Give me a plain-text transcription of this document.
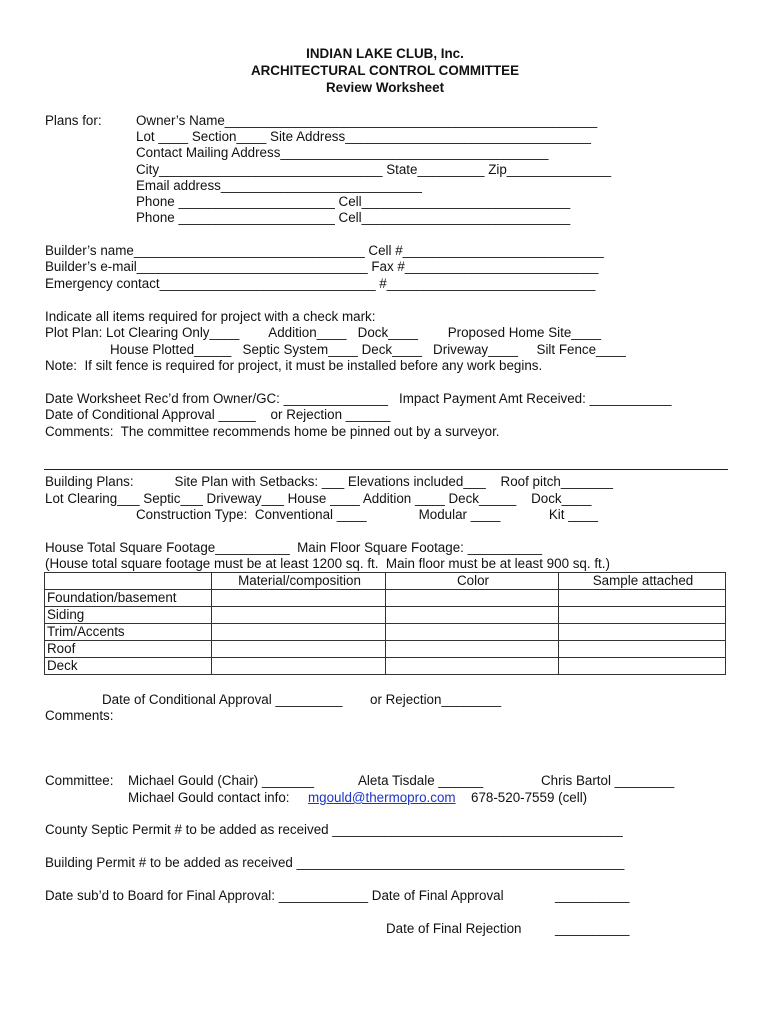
INDIAN LAKE CLUB, Inc.
ARCHITECTURAL CONTROL COMMITTEE
Review Worksheet
Plans for:	Owner’s Name__________________________________________________
Lot ____ Section____ Site Address_________________________________
Contact Mailing Address____________________________________
City______________________________ State_________ Zip______________
Email address___________________________
Phone _____________________ Cell____________________________
Phone _____________________ Cell____________________________
Builder’s name_______________________________ Cell #___________________________
Builder’s e-mail_______________________________ Fax #__________________________
Emergency contact_____________________________ #____________________________
Indicate all items required for project with a check mark:
Plot Plan: Lot Clearing Only____        Addition____   Dock____        Proposed Home Site____
House Plotted_____   Septic System____ Deck____   Driveway____     Silt Fence____
Note:  If silt fence is required for project, it must be installed before any work begins.
Date Worksheet Rec’d from Owner/GC: ______________   Impact Payment Amt Received: ___________
Date of Conditional Approval _____    or Rejection ______
Comments:  The committee recommends home be pinned out by a surveyor.
Building Plans:           Site Plan with Setbacks: ___ Elevations included___    Roof pitch_______
Lot Clearing___ Septic___ Driveway___ House ____ Addition ____ Deck_____    Dock____
Construction Type:  Conventional ____              Modular ____             Kit ____
House Total Square Footage__________  Main Floor Square Footage: __________
(House total square footage must be at least 1200 sq. ft.  Main floor must be at least 900 sq. ft.)
	Material/composition	Color	Sample attached
Foundation/basement			
Siding			
Trim/Accents			
Roof			
Deck			
Date of Conditional Approval _________ or Rejection________
Comments:
Committee: Michael Gould (Chair) _______	Aleta Tisdale ______	Chris Bartol ________
Michael Gould contact info: mgould@thermopro.com 678-520-7559 (cell)
County Septic Permit # to be added as received _______________________________________
Building Permit # to be added as received ____________________________________________
Date sub’d to Board for Final Approval: ____________ Date of Final Approval	__________
Date of Final Rejection	__________
